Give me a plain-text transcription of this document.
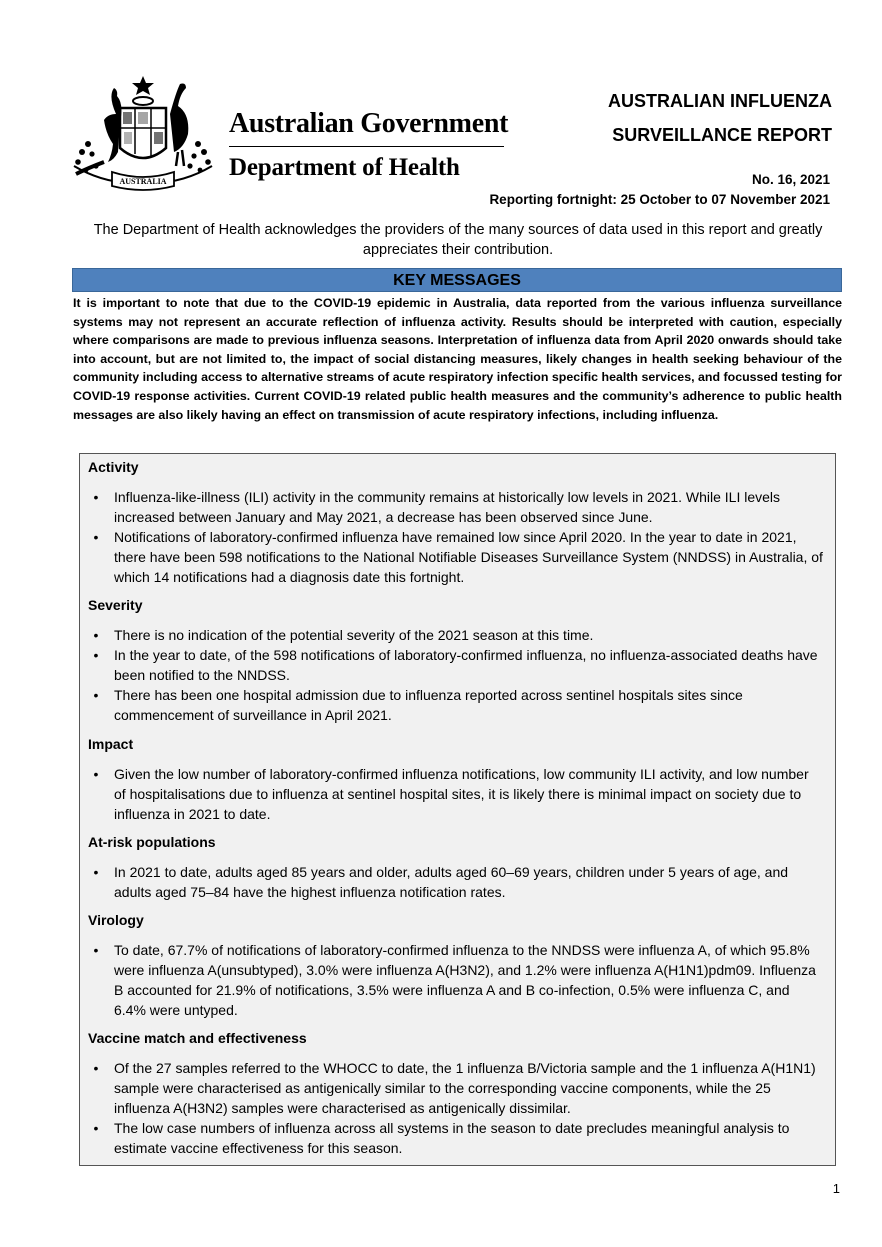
AUSTRALIA
Australian Government
Department of Health
AUSTRALIAN INFLUENZA
SURVEILLANCE REPORT
No. 16, 2021
Reporting fortnight: 25 October to 07 November 2021
The Department of Health acknowledges the providers of the many sources of data used in this report and greatly appreciates their contribution.
KEY MESSAGES
It is important to note that due to the COVID-19 epidemic in Australia, data reported from the various influenza surveillance systems may not represent an accurate reflection of influenza activity. Results should be interpreted with caution, especially where comparisons are made to previous influenza seasons. Interpretation of influenza data from April 2020 onwards should take into account, but are not limited to, the impact of social distancing measures, likely changes in health seeking behaviour of the community including access to alternative streams of acute respiratory infection specific health services, and focussed testing for COVID-19 response activities. Current COVID-19 related public health measures and the community’s adherence to public health messages are also likely having an effect on transmission of acute respiratory infections, including influenza.
Activity
•	Influenza-like-illness (ILI) activity in the community remains at historically low levels in 2021. While ILI levels increased between January and May 2021, a decrease has been observed since June.
•	Notifications of laboratory-confirmed influenza have remained low since April 2020. In the year to date in 2021, there have been 598 notifications to the National Notifiable Diseases Surveillance System (NNDSS) in Australia, of which 14 notifications had a diagnosis date this fortnight.
Severity
•	There is no indication of the potential severity of the 2021 season at this time.
•	In the year to date, of the 598 notifications of laboratory-confirmed influenza, no influenza-associated deaths have been notified to the NNDSS.
•	There has been one hospital admission due to influenza reported across sentinel hospitals sites since commencement of surveillance in April 2021.
Impact
•	Given the low number of laboratory-confirmed influenza notifications, low community ILI activity, and low number of hospitalisations due to influenza at sentinel hospital sites, it is likely there is minimal impact on society due to influenza in 2021 to date.
At-risk populations
•	In 2021 to date, adults aged 85 years and older, adults aged 60–69 years, children under 5 years of age, and adults aged 75–84 have the highest influenza notification rates.
Virology
•	To date, 67.7% of notifications of laboratory-confirmed influenza to the NNDSS were influenza A, of which 95.8% were influenza A(unsubtyped), 3.0% were influenza A(H3N2), and 1.2% were influenza A(H1N1)pdm09. Influenza B accounted for 21.9% of notifications, 3.5% were influenza A and B co-infection, 0.5% were influenza C, and 6.4% were untyped.
Vaccine match and effectiveness
•	Of the 27 samples referred to the WHOCC to date, the 1 influenza B/Victoria sample and the 1 influenza A(H1N1) sample were characterised as antigenically similar to the corresponding vaccine components, while the 25 influenza A(H3N2) samples were characterised as antigenically dissimilar.
•	The low case numbers of influenza across all systems in the season to date precludes meaningful analysis to estimate vaccine effectiveness for this season.
1
